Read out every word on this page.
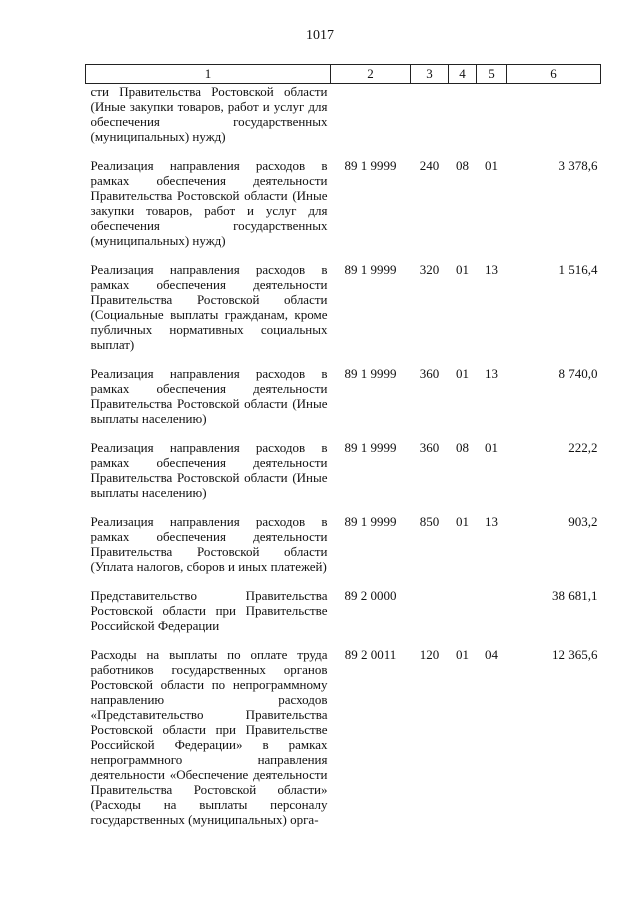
1017
1	2	3	4	5	6
сти Правительства Ростовской области (Иные закупки товаров, работ и услуг для обеспечения государственных (муниципальных) нужд)					
Реализация направления расходов в рамках обеспечения деятельности Правительства Ростовской области (Иные закупки товаров, работ и услуг для обеспечения государственных (муниципальных) нужд)	89 1 9999	240	08	01	3 378,6
Реализация направления расходов в рамках обеспечения деятельности Правительства Ростовской области (Социальные выплаты гражданам, кроме публичных нормативных социальных выплат)	89 1 9999	320	01	13	1 516,4
Реализация направления расходов в рамках обеспечения деятельности Правительства Ростовской области (Иные выплаты населению)	89 1 9999	360	01	13	8 740,0
Реализация направления расходов в рамках обеспечения деятельности Правительства Ростовской области (Иные выплаты населению)	89 1 9999	360	08	01	222,2
Реализация направления расходов в рамках обеспечения деятельности Правительства Ростовской области (Уплата налогов, сборов и иных платежей)	89 1 9999	850	01	13	903,2
Представительство Правительства Ростовской области при Правительстве Российской Федерации	89 2 0000				38 681,1
Расходы на выплаты по оплате труда работников государственных органов Ростовской области по непрограммному направлению расходов «Представительство Правительства Ростовской области при Правительстве Российской Федерации» в рамках непрограммного направления деятельности «Обеспечение деятельности Правительства Ростовской области» (Расходы на выплаты персоналу государственных (муниципальных) орга-	89 2 0011	120	01	04	12 365,6
